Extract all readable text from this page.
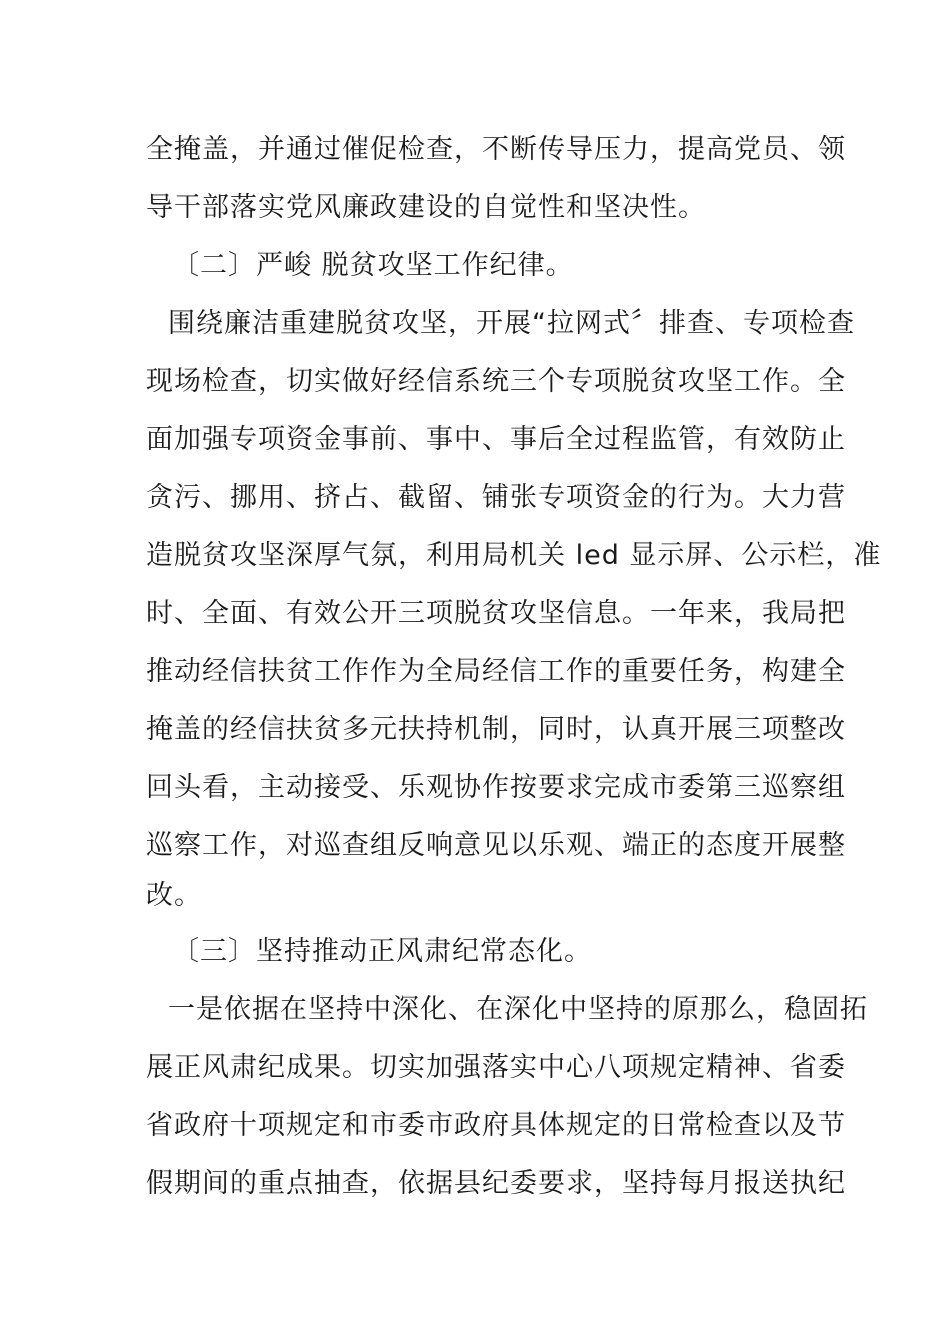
全掩盖，并通过催促检查，不断传导压力，提高党员、领
导干部落实党风廉政建设的自觉性和坚决性。
〔二〕严峻 脱贫攻坚工作纪律。
围绕廉洁重建脱贫攻坚，开展“拉网式〞排查、专项检查
现场检查，切实做好经信系统三个专项脱贫攻坚工作。全
面加强专项资金事前、事中、事后全过程监管，有效防止
贪污、挪用、挤占、截留、铺张专项资金的行为。大力营
造脱贫攻坚深厚气氛，利用局机关 led 显示屏、公示栏，准
时、全面、有效公开三项脱贫攻坚信息。一年来，我局把
推动经信扶贫工作作为全局经信工作的重要任务，构建全
掩盖的经信扶贫多元扶持机制，同时，认真开展三项整改
回头看，主动接受、乐观协作按要求完成市委第三巡察组
巡察工作，对巡查组反响意见以乐观、端正的态度开展整
改。
〔三〕坚持推动正风肃纪常态化。
一是依据在坚持中深化、在深化中坚持的原那么，稳固拓
展正风肃纪成果。切实加强落实中心八项规定精神、省委
省政府十项规定和市委市政府具体规定的日常检查以及节
假期间的重点抽查，依据县纪委要求，坚持每月报送执纪
